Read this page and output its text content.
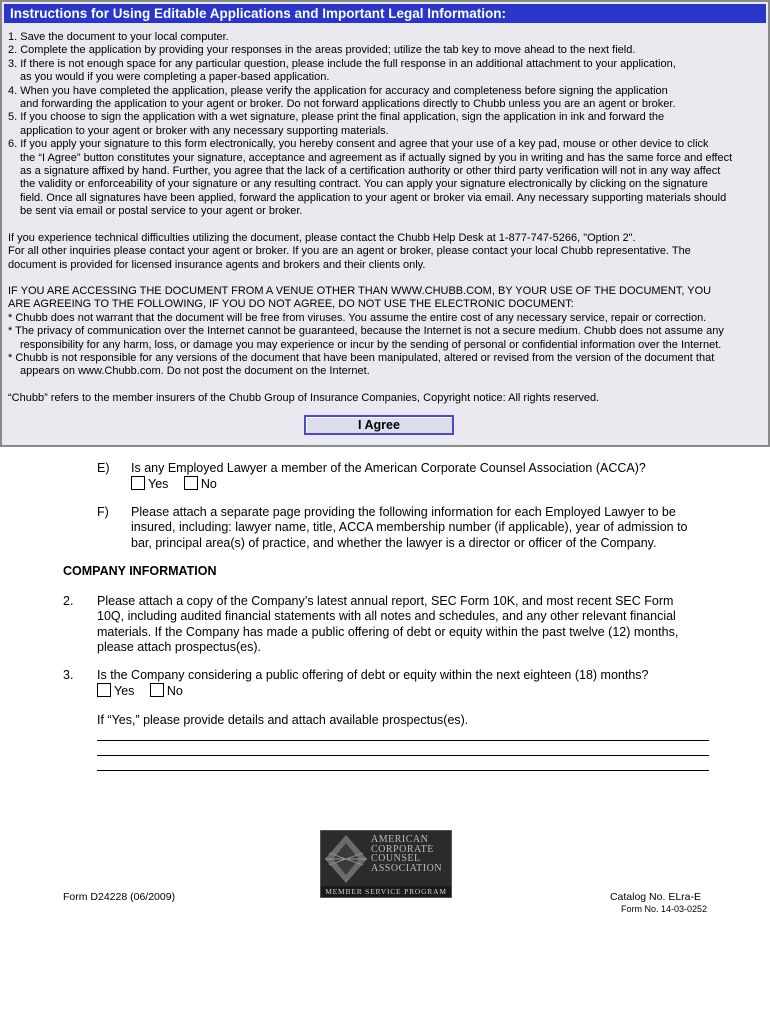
Instructions for Using Editable Applications and Important Legal Information:

1. Save the document to your local computer.

2. Complete the application by providing your responses in the areas provided; utilize the tab key to move ahead to the next field.

3. If there is not enough space for any particular question, please include the full response in an additional attachment to your application,

as you would if you were completing a paper-based application.

4. When you have completed the application, please verify the application for accuracy and completeness before signing the application

and forwarding the application to your agent or broker. Do not forward applications directly to Chubb unless you are an agent or broker.

5. If you choose to sign the application with a wet signature, please print the final application, sign the application in ink and forward the

application to your agent or broker with any necessary supporting materials.

6. If you apply your signature to this form electronically, you hereby consent and agree that your use of a key pad, mouse or other device to click

the “I Agree” button constitutes your signature, acceptance and agreement as if actually signed by you in writing and has the same force and effect

as a signature affixed by hand. Further, you agree that the lack of a certification authority or other third party verification will not in any way affect

the validity or enforceability of your signature or any resulting contract. You can apply your signature electronically by clicking on the signature

field. Once all signatures have been applied, forward the application to your agent or broker via email. Any necessary supporting materials should

be sent via email or postal service to your agent or broker.

If you experience technical difficulties utilizing the document, please contact the Chubb Help Desk at 1-877-747-5266, "Option 2".

For all other inquiries please contact your agent or broker. If you are an agent or broker, please contact your local Chubb representative. The

document is provided for licensed insurance agents and brokers and their clients only.

IF YOU ARE ACCESSING THE DOCUMENT FROM A VENUE OTHER THAN WWW.CHUBB.COM, BY YOUR USE OF THE DOCUMENT, YOU

ARE AGREEING TO THE FOLLOWING, IF YOU DO NOT AGREE, DO NOT USE THE ELECTRONIC DOCUMENT:

* Chubb does not warrant that the document will be free from viruses. You assume the entire cost of any necessary service, repair or correction.

* The privacy of communication over the Internet cannot be guaranteed, because the Internet is not a secure medium. Chubb does not assume any

responsibility for any harm, loss, or damage you may experience or incur by the sending of personal or confidential information over the Internet.

* Chubb is not responsible for any versions of the document that have been manipulated, altered or revised from the version of the document that

appears on www.Chubb.com. Do not post the document on the Internet.

“Chubb” refers to the member insurers of the Chubb Group of Insurance Companies, Copyright notice: All rights reserved.

I Agree
E) Is any Employed Lawyer a member of the American Corporate Counsel Association (ACCA)?
Yes	No
F) Please attach a separate page providing the following information for each Employed Lawyer to be
insured, including: lawyer name, title, ACCA membership number (if applicable), year of admission to
bar, principal area(s) of practice, and whether the lawyer is a director or officer of the Company.
COMPANY INFORMATION
2. Please attach a copy of the Company’s latest annual report, SEC Form 10K, and most recent SEC Form
10Q, including audited financial statements with all notes and schedules, and any other relevant financial
materials. If the Company has made a public offering of debt or equity within the past twelve (12) months,
please attach prospectus(es).
3. Is the Company considering a public offering of debt or equity within the next eighteen (18) months?
Yes	No
If “Yes,” please provide details and attach available prospectus(es).
AMERICAN
CORPORATE
COUNSEL
ASSOCIATION
MEMBER SERVICE PROGRAM
Form D24228 (06/2009)	Catalog No. ELra-E
Form No. 14-03-0252
